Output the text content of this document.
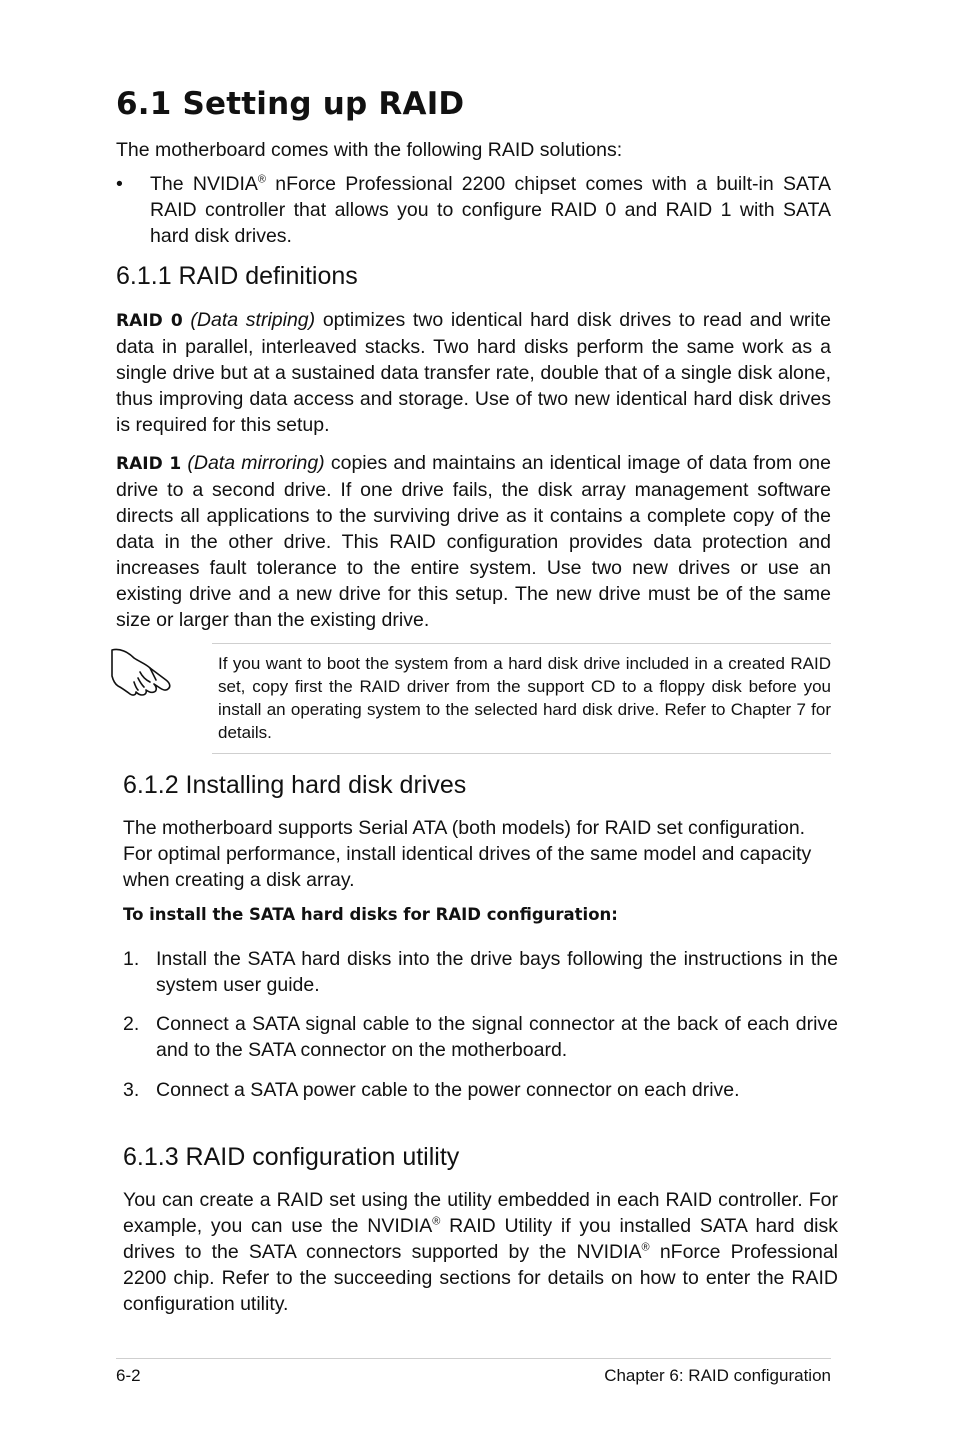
6.1 Setting up RAID

The motherboard comes with the following RAID solutions:

• The NVIDIA® nForce Professional 2200 chipset comes with a built-in SATA RAID controller that allows you to configure RAID 0 and RAID 1 with SATA hard disk drives.

6.1.1 RAID definitions

RAID 0 (Data striping) optimizes two identical hard disk drives to read and write data in parallel, interleaved stacks. Two hard disks perform the same work as a single drive but at a sustained data transfer rate, double that of a single disk alone, thus improving data access and storage. Use of two new identical hard disk drives is required for this setup.

RAID 1 (Data mirroring) copies and maintains an identical image of data from one drive to a second drive. If one drive fails, the disk array management software directs all applications to the surviving drive as it contains a complete copy of the data in the other drive. This RAID configuration provides data protection and increases fault tolerance to the entire system. Use two new drives or use an existing drive and a new drive for this setup. The new drive must be of the same size or larger than the existing drive.

If you want to boot the system from a hard disk drive included in a created RAID set, copy first the RAID driver from the support CD to a floppy disk before you install an operating system to the selected hard disk drive. Refer to Chapter 7 for details.

6.1.2 Installing hard disk drives

The motherboard supports Serial ATA (both models) for RAID set configuration. For optimal performance, install identical drives of the same model and capacity when creating a disk array.

To install the SATA hard disks for RAID configuration:

1. Install the SATA hard disks into the drive bays following the instructions in the system user guide.

2. Connect a SATA signal cable to the signal connector at the back of each drive and to the SATA connector on the motherboard.

3. Connect a SATA power cable to the power connector on each drive.

6.1.3 RAID configuration utility

You can create a RAID set using the utility embedded in each RAID controller. For example, you can use the NVIDIA® RAID Utility if you installed SATA hard disk drives to the SATA connectors supported by the NVIDIA® nForce Professional 2200 chip. Refer to the succeeding sections for details on how to enter the RAID configuration utility.

6-2	Chapter 6: RAID configuration
